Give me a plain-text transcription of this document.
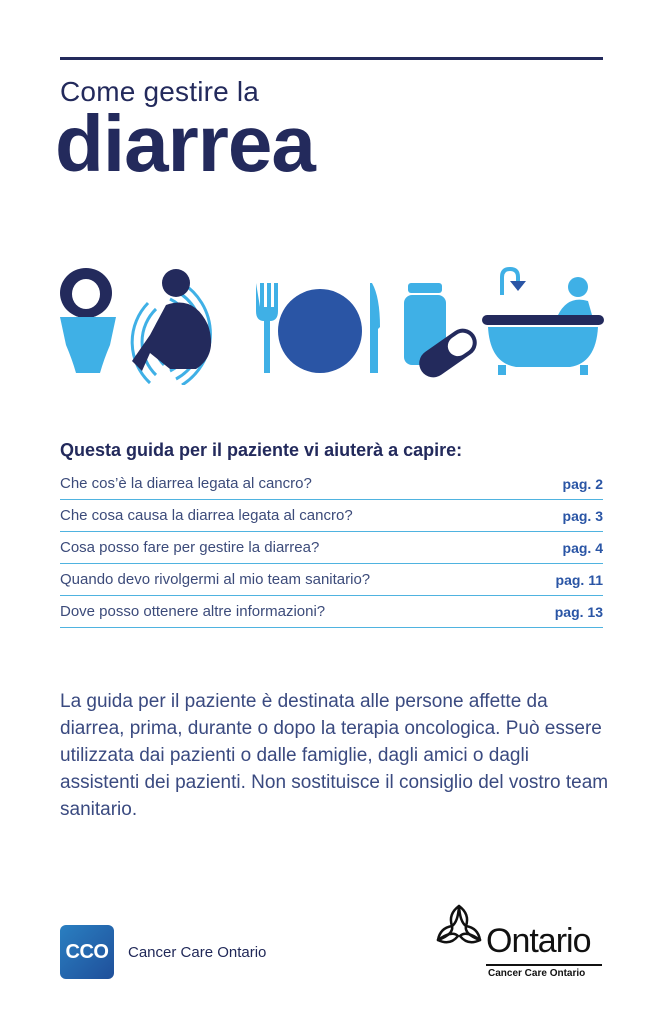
Come gestire la
diarrea
Questa guida per il paziente vi aiuterà a capire:
Che cos’è la diarrea legata al cancro?	pag. 2
Che cosa causa la diarrea legata al cancro?	pag. 3
Cosa posso fare per gestire la diarrea?	pag. 4
Quando devo rivolgermi al mio team sanitario?	pag. 11
Dove posso ottenere altre informazioni?	pag. 13
La guida per il paziente è destinata alle persone affette da diarrea, prima, durante o dopo la terapia oncologica. Può essere utilizzata dai pazienti o dalle famiglie, dagli amici o dagli assistenti dei pazienti. Non sostituisce il consiglio del vostro team sanitario.
CCO	Cancer Care Ontario	Ontario
Cancer Care Ontario
